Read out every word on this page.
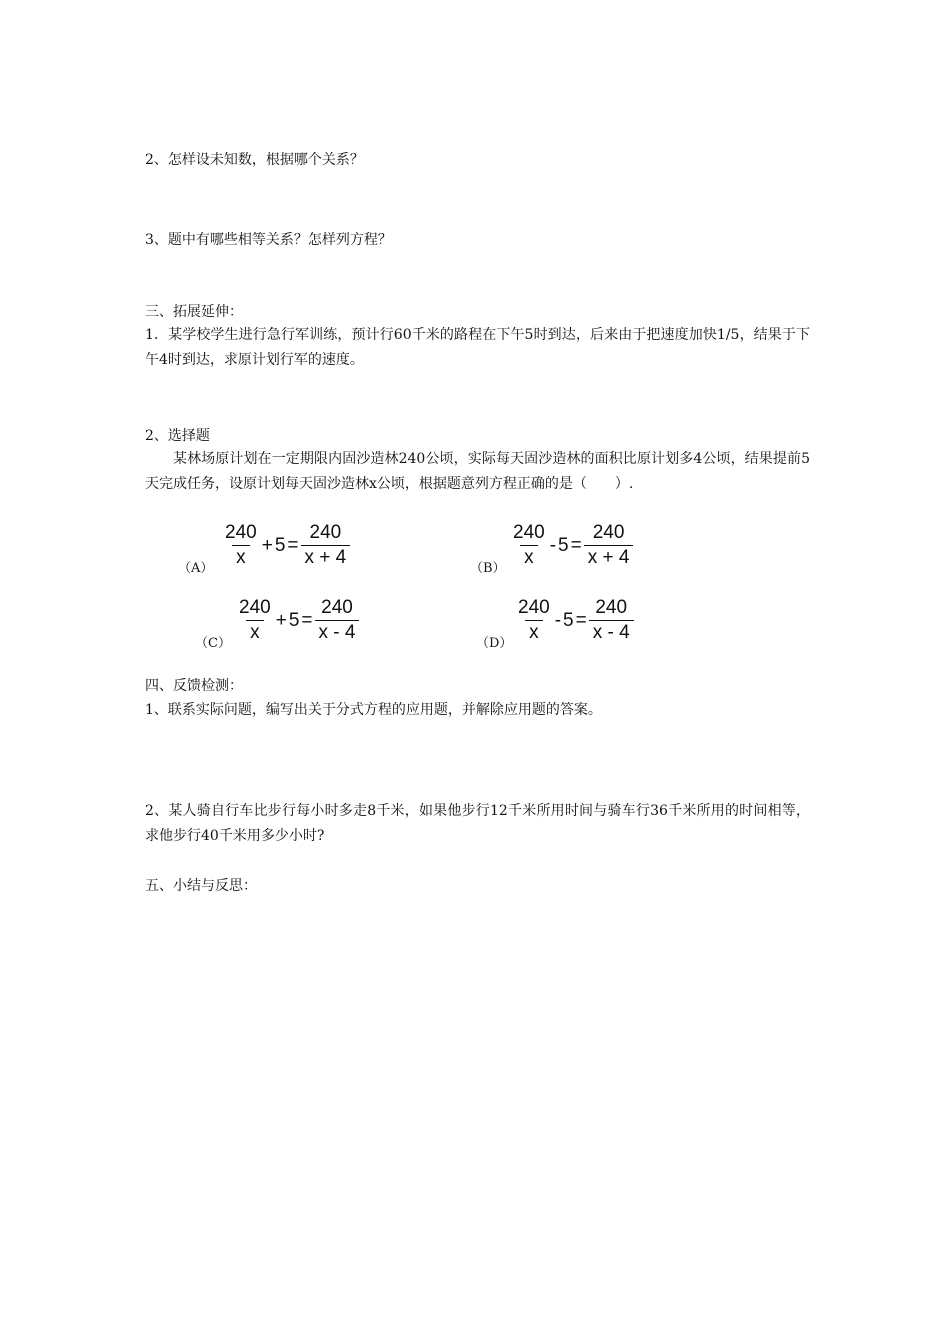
2、怎样设未知数，根据哪个关系？
3、题中有哪些相等关系？怎样列方程？
三、拓展延伸：
1．某学校学生进行急行军训练，预计行60千米的路程在下午5时到达，后来由于把速度加快1/5，结果于下午4时到达，求原计划行军的速度。
2、选择题
某林场原计划在一定期限内固沙造林240公顷，实际每天固沙造林的面积比原计划多4公顷，结果提前5天完成任务，设原计划每天固沙造林x公顷，根据题意列方程正确的是（　　）.
（A）
$\frac{240}{x} + 5 = \frac{240}{x + 4}$
（B）
$\frac{240}{x} - 5 = \frac{240}{x + 4}$
（C）
$\frac{240}{x} + 5 = \frac{240}{x - 4}$
（D）
$\frac{240}{x} - 5 = \frac{240}{x - 4}$
四、反馈检测：
1、联系实际问题，编写出关于分式方程的应用题，并解除应用题的答案。
2、某人骑自行车比步行每小时多走8千米，如果他步行12千米所用时间与骑车行36千米所用的时间相等，求他步行40千米用多少小时?
五、小结与反思：
